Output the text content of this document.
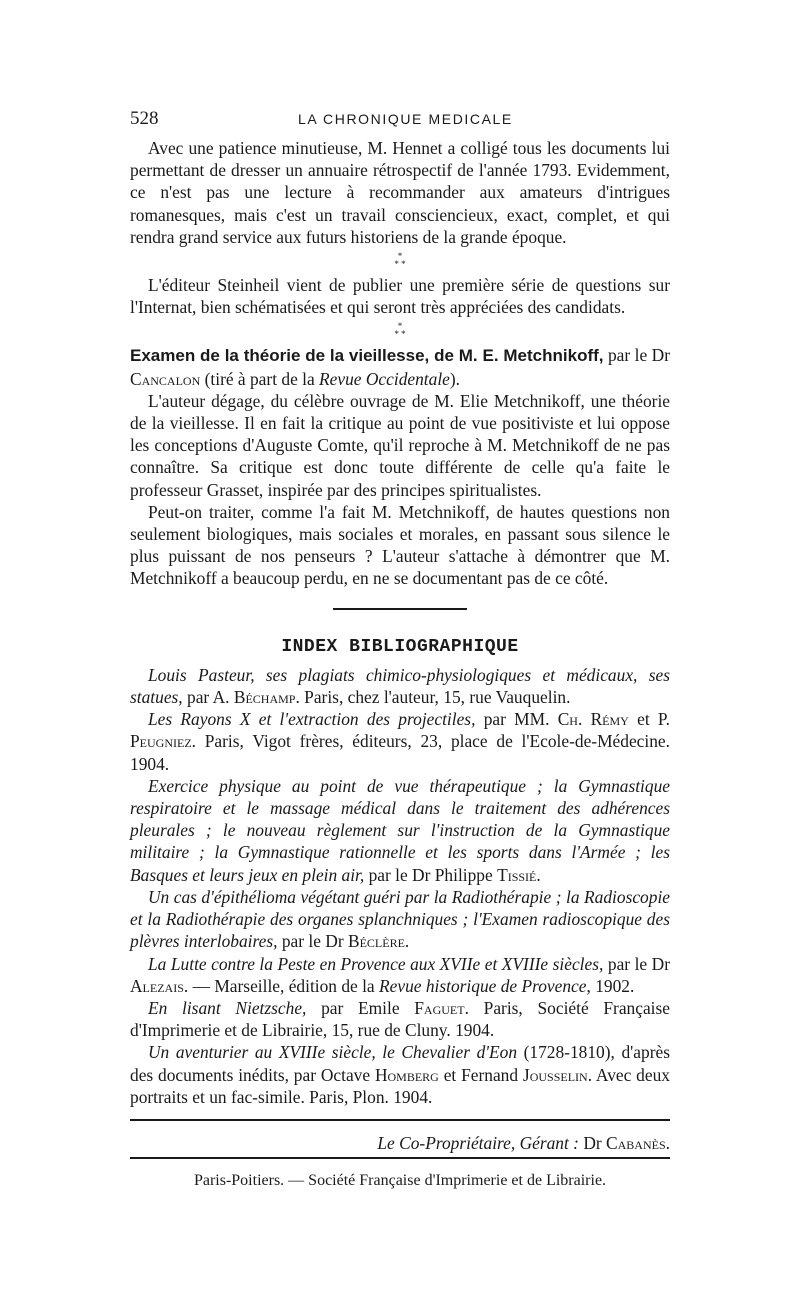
528	LA CHRONIQUE MEDICALE

Avec une patience minutieuse, M. Hennet a colligé tous les documents lui permettant de dresser un annuaire rétrospectif de l'année 1793. Evidemment, ce n'est pas une lecture à recommander aux amateurs d'intrigues romanesques, mais c'est un travail consciencieux, exact, complet, et qui rendra grand service aux futurs historiens de la grande époque.

*
* *

L'éditeur Steinheil vient de publier une première série de questions sur l'Internat, bien schématisées et qui seront très appréciées des candidats.

*
* *

Examen de la théorie de la vieillesse, de M. E. Metchnikoff, par le Dr Cancalon (tiré à part de la Revue Occidentale).

L'auteur dégage, du célèbre ouvrage de M. Elie Metchnikoff, une théorie de la vieillesse. Il en fait la critique au point de vue positiviste et lui oppose les conceptions d'Auguste Comte, qu'il reproche à M. Metchnikoff de ne pas connaître. Sa critique est donc toute différente de celle qu'a faite le professeur Grasset, inspirée par des principes spiritualistes.

Peut-on traiter, comme l'a fait M. Metchnikoff, de hautes questions non seulement biologiques, mais sociales et morales, en passant sous silence le plus puissant de nos penseurs ? L'auteur s'attache à démontrer que M. Metchnikoff a beaucoup perdu, en ne se documentant pas de ce côté.

INDEX BIBLIOGRAPHIQUE

Louis Pasteur, ses plagiats chimico-physiologiques et médicaux, ses statues, par A. Béchamp. Paris, chez l'auteur, 15, rue Vauquelin.

Les Rayons X et l'extraction des projectiles, par MM. Ch. Rémy et P. Peugniez. Paris, Vigot frères, éditeurs, 23, place de l'Ecole-de-Médecine. 1904.

Exercice physique au point de vue thérapeutique ; la Gymnastique respiratoire et le massage médical dans le traitement des adhérences pleurales ; le nouveau règlement sur l'instruction de la Gymnastique militaire ; la Gymnastique rationnelle et les sports dans l'Armée ; les Basques et leurs jeux en plein air, par le Dr Philippe Tissié.

Un cas d'épithélioma végétant guéri par la Radiothérapie ; la Radioscopie et la Radiothérapie des organes splanchniques ; l'Examen radioscopique des plèvres interlobaires, par le Dr Béclère.

La Lutte contre la Peste en Provence aux XVIIe et XVIIIe siècles, par le Dr Alezais. — Marseille, édition de la Revue historique de Provence, 1902.

En lisant Nietzsche, par Emile Faguet. Paris, Société Française d'Imprimerie et de Librairie, 15, rue de Cluny. 1904.

Un aventurier au XVIIIe siècle, le Chevalier d'Eon (1728-1810), d'après des documents inédits, par Octave Homberg et Fernand Jousselin. Avec deux portraits et un fac-simile. Paris, Plon. 1904.

Le Co-Propriétaire, Gérant : Dr Cabanès.
Paris-Poitiers. — Société Française d'Imprimerie et de Librairie.
